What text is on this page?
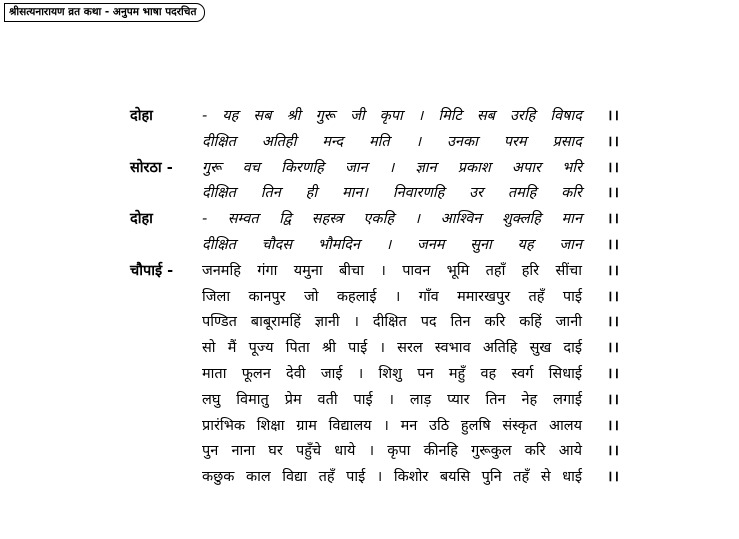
श्रीसत्यनारायण व्रत कथा - अनुपम भाषा पदरचित
दोहा	- यह सब श्री गुरू जी कृपा । मिटि सब उरहि विषाद ।।
दीक्षित अतिही मन्द मति । उनका परम प्रसाद ।।
सोरठा - गुरू वच किरणहि जान । ज्ञान प्रकाश अपार भरि ।।
दीक्षित तिन ही मान। निवारणहि उर तमहि करि ।।
दोहा	- सम्वत द्वि सहस्त्र एकहि । आश्विन शुक्लहि मान ।।
दीक्षित चौदस भौमदिन । जनम सुना यह जान ।।
चौपाई - जनमहि गंगा यमुना बीचा । पावन भूमि तहाँ हरि सींचा ।।
जिला कानपुर जो कहलाई । गाँव ममारखपुर तहँ पाई ।।
पण्डित बाबूरामहिं ज्ञानी । दीक्षित पद तिन करि कहिं जानी ।।
सो मैं पूज्य पिता श्री पाई । सरल स्वभाव अतिहि सुख दाई ।।
माता फूलन देवी जाई । शिशु पन महुँ वह स्वर्ग सिधाई ।।
लघु विमातु प्रेम वती पाई । लाड़ प्यार तिन नेह लगाई ।।
प्रारंभिक शिक्षा ग्राम विद्यालय । मन उठि हुलषि संस्कृत आलय ।।
पुन नाना घर पहुँचे धाये । कृपा कीनहि गुरूकुल करि आये ।।
कछुक काल विद्या तहँ पाई । किशोर बयसि पुनि तहँ से धाई ।।
